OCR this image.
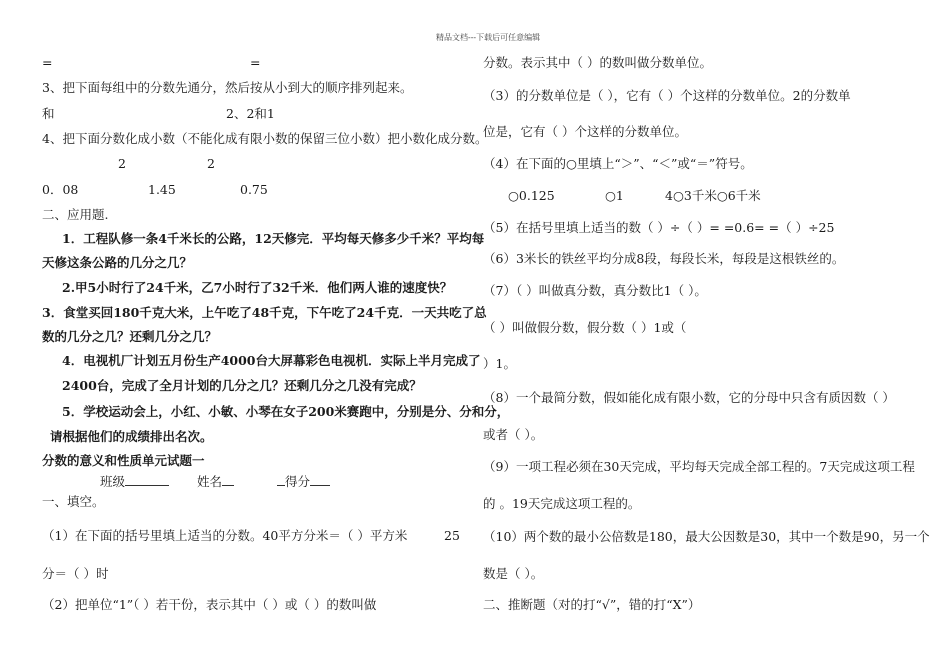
精品文档---下载后可任意编辑
=	=
3、把下面每组中的分数先通分，然后按从小到大的顺序排列起来。
和	2、2和1
4、把下面分数化成小数（不能化成有限小数的保留三位小数）把小数化成分数。
2	2
0．08	1.45	0.75
二、应用题.
1．工程队修一条4千米长的公路，12天修完．平均每天修多少千米？平均每
天修这条公路的几分之几？
2.甲5小时行了24千米，乙7小时行了32千米．他们两人谁的速度快？
3．食堂买回180千克大米，上午吃了48千克，下午吃了24千克．一天共吃了总
数的几分之几？还剩几分之几？
4．电视机厂计划五月份生产4000台大屏幕彩色电视机．实际上半月完成了
2400台，完成了全月计划的几分之几？还剩几分之几没有完成？
5．学校运动会上，小红、小敏、小琴在女子200米赛跑中，分别是分、分和分，
请根据他们的成绩排出名次。
分数的意义和性质单元试题一
班级	姓名	得分
一、填空。
（1）在下面的括号里填上适当的分数。40平方分米＝（ ）平方米	25
分＝（ ）时
（2）把单位“1”（ ）若干份，表示其中（ ）或（ ）的数叫做
分数。表示其中（ ）的数叫做分数单位。
（3）的分数单位是（ ），它有（ ）个这样的分数单位。2的分数单
位是，它有（ ）个这样的分数单位。
（4）在下面的○里填上“＞”、“＜”或“＝”符号。
○0.125	○1	4○3千米○6千米
（5）在括号里填上适当的数（ ）÷（ ）= =0.6= =（ ）÷25
（6）3米长的铁丝平均分成8段，每段长米，每段是这根铁丝的。
（7）（ ）叫做真分数，真分数比1（ ）。
（ ）叫做假分数，假分数（ ）1或（
）1。
（8）一个最简分数，假如能化成有限小数，它的分母中只含有质因数（ ）
或者（ ）。
（9）一项工程必须在30天完成，平均每天完成全部工程的。7天完成这项工程
的 。19天完成这项工程的。
（10）两个数的最小公倍数是180，最大公因数是30，其中一个数是90，另一个
数是（ ）。
二、推断题（对的打“√”，错的打“X”）
